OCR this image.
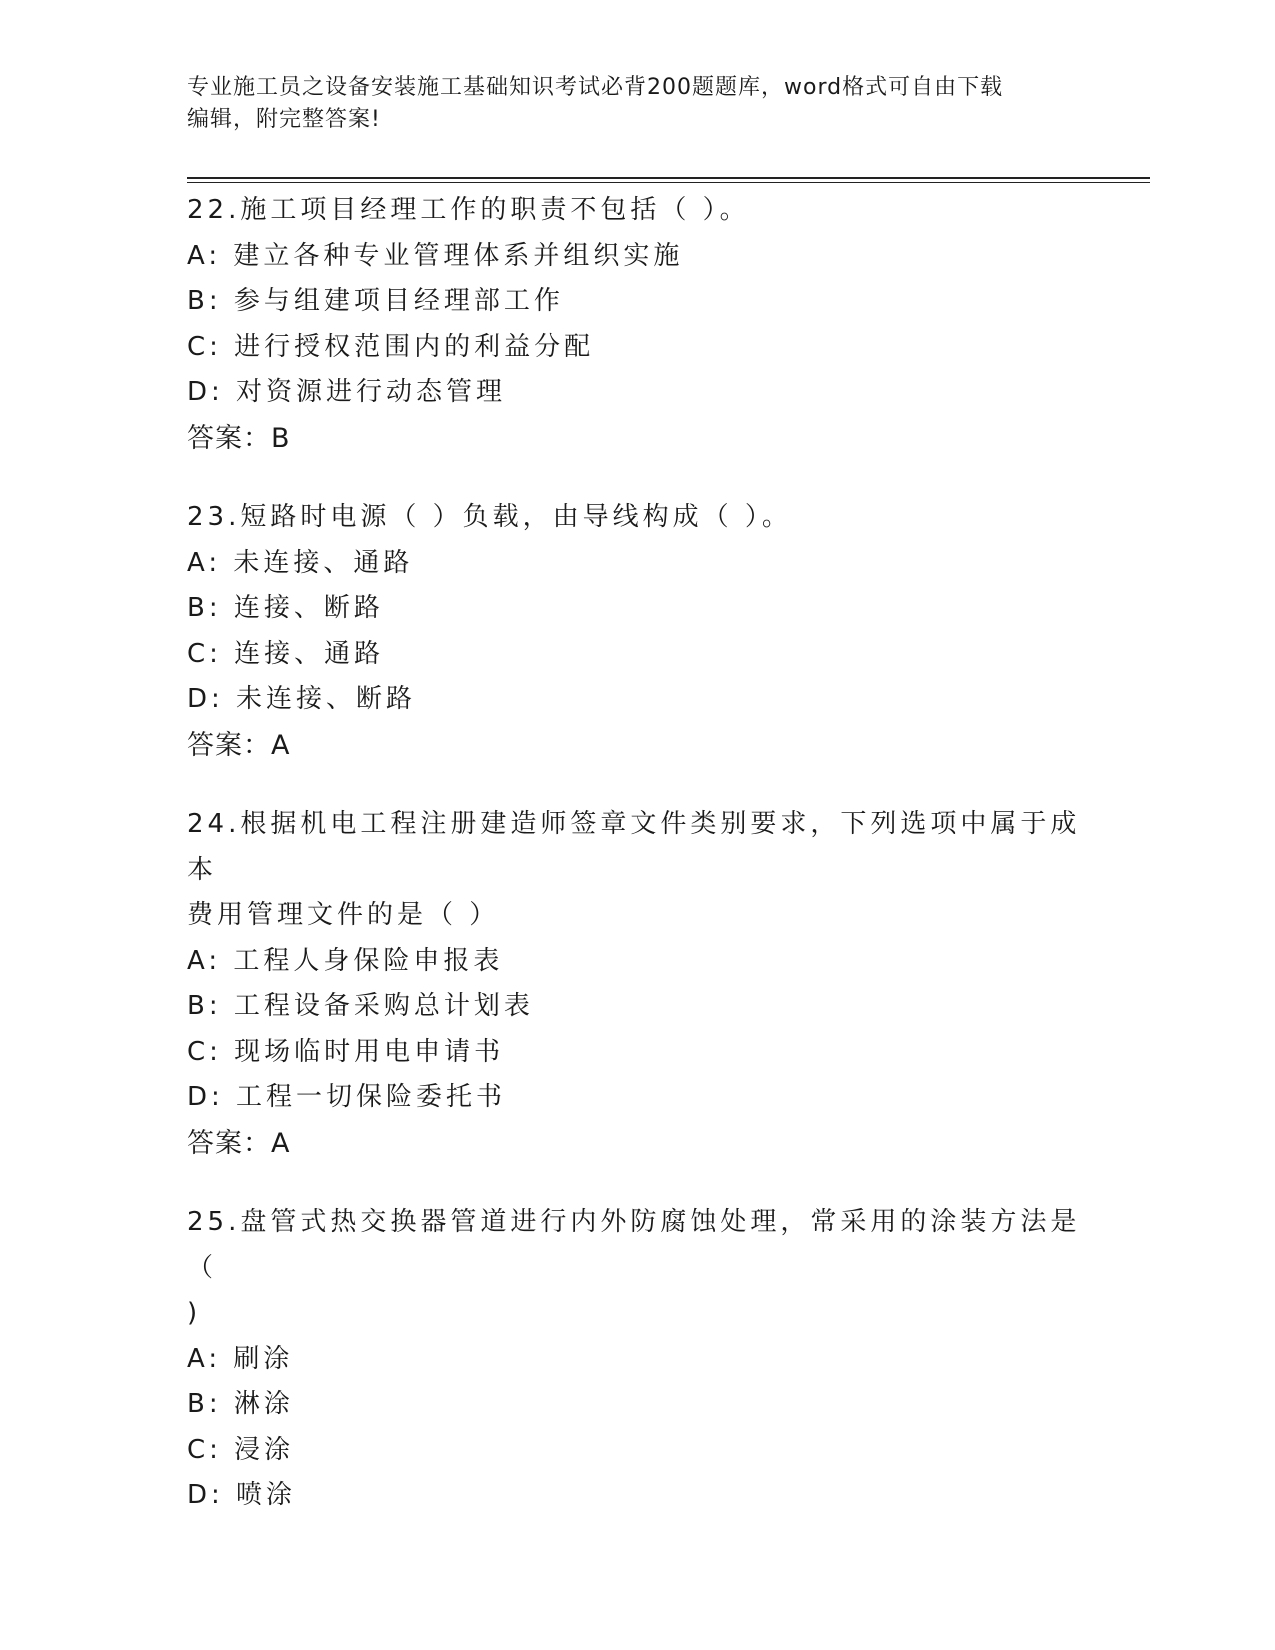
专业施工员之设备安装施工基础知识考试必背200题题库，word格式可自由下载
编辑，附完整答案!
22.施工项目经理工作的职责不包括（ ）。
A: 建立各种专业管理体系并组织实施
B: 参与组建项目经理部工作
C: 进行授权范围内的利益分配
D: 对资源进行动态管理
答案：B
23.短路时电源（ ）负载，由导线构成（ ）。
A: 未连接、通路
B: 连接、断路
C: 连接、通路
D: 未连接、断路
答案：A
24.根据机电工程注册建造师签章文件类别要求，下列选项中属于成本
费用管理文件的是（ ）
A: 工程人身保险申报表
B: 工程设备采购总计划表
C: 现场临时用电申请书
D: 工程一切保险委托书
答案：A
25.盘管式热交换器管道进行内外防腐蚀处理，常采用的涂装方法是（
)
A: 刷涂
B: 淋涂
C: 浸涂
D: 喷涂
